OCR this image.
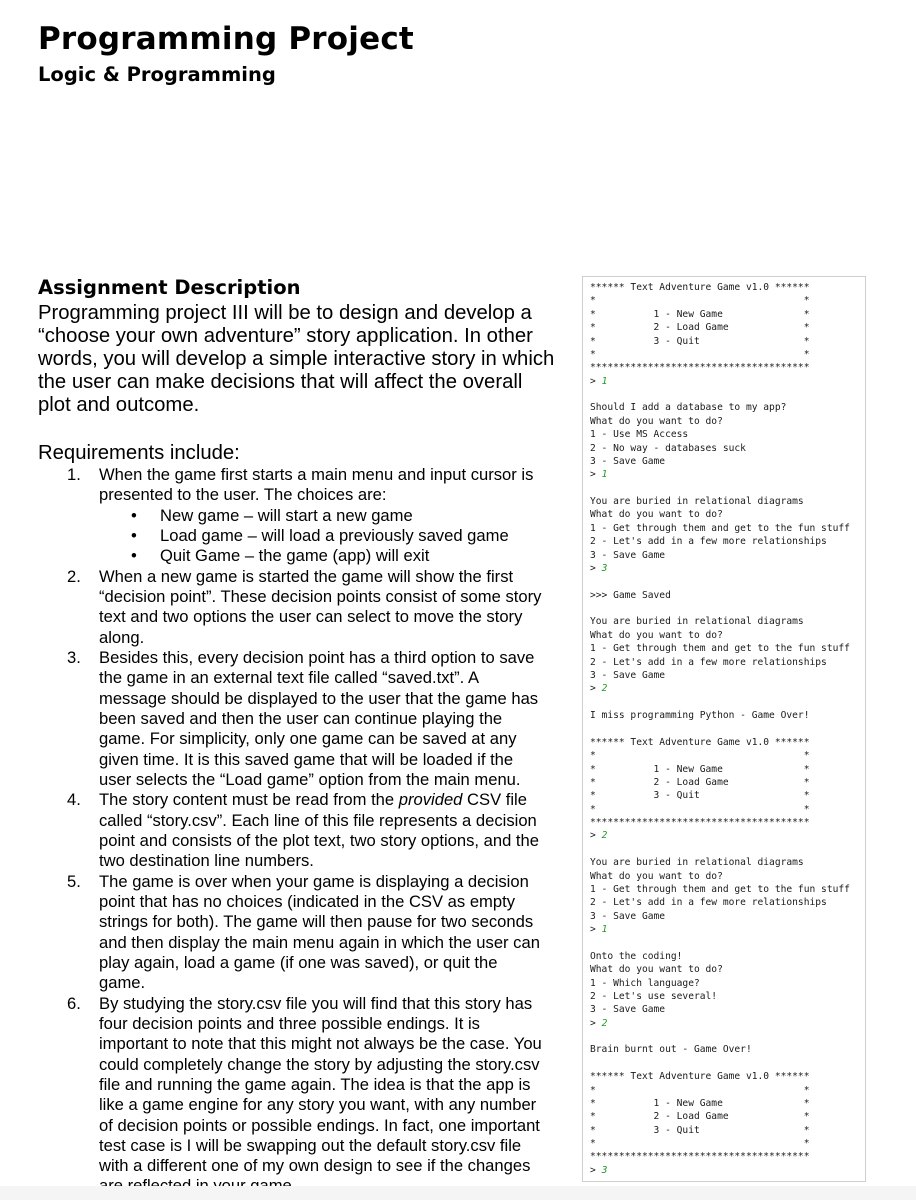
Programming Project
Logic & Programming
Assignment Description

Programming project III will be to design and develop a
“choose your own adventure” story application. In other
words, you will develop a simple interactive story in which
the user can make decisions that will affect the overall
plot and outcome.

Requirements include:

1. When the game first starts a main menu and input cursor is
presented to the user. The choices are:
• New game – will start a new game
• Load game – will load a previously saved game
• Quit Game – the game (app) will exit
2. When a new game is started the game will show the first
“decision point”. These decision points consist of some story
text and two options the user can select to move the story
along.
3. Besides this, every decision point has a third option to save
the game in an external text file called “saved.txt”. A
message should be displayed to the user that the game has
been saved and then the user can continue playing the
game. For simplicity, only one game can be saved at any
given time. It is this saved game that will be loaded if the
user selects the “Load game” option from the main menu.
4. The story content must be read from the provided CSV file
called “story.csv”. Each line of this file represents a decision
point and consists of the plot text, two story options, and the
two destination line numbers.
5. The game is over when your game is displaying a decision
point that has no choices (indicated in the CSV as empty
strings for both). The game will then pause for two seconds
and then display the main menu again in which the user can
play again, load a game (if one was saved), or quit the
game.
6. By studying the story.csv file you will find that this story has
four decision points and three possible endings. It is
important to note that this might not always be the case. You
could completely change the story by adjusting the story.csv
file and running the game again. The idea is that the app is
like a game engine for any story you want, with any number
of decision points or possible endings. In fact, one important
test case is I will be swapping out the default story.csv file
with a different one of my own design to see if the changes
****** Text Adventure Game v1.0 ******
*                                    *
*          1 - New Game              *
*          2 - Load Game             *
*          3 - Quit                  *
*                                    *
**************************************
> 1

Should I add a database to my app?
What do you want to do?
1 - Use MS Access
2 - No way - databases suck
3 - Save Game
> 1

You are buried in relational diagrams
What do you want to do?
1 - Get through them and get to the fun stuff
2 - Let's add in a few more relationships
3 - Save Game
> 3

>>> Game Saved

You are buried in relational diagrams
What do you want to do?
1 - Get through them and get to the fun stuff
2 - Let's add in a few more relationships
3 - Save Game
> 2

I miss programming Python - Game Over!

****** Text Adventure Game v1.0 ******
*                                    *
*          1 - New Game              *
*          2 - Load Game             *
*          3 - Quit                  *
*                                    *
**************************************
> 2

You are buried in relational diagrams
What do you want to do?
1 - Get through them and get to the fun stuff
2 - Let's add in a few more relationships
3 - Save Game
> 1

Onto the coding!
What do you want to do?
1 - Which language?
2 - Let's use several!
3 - Save Game
> 2

Brain burnt out - Game Over!

****** Text Adventure Game v1.0 ******
*                                    *
*          1 - New Game              *
*          2 - Load Game             *
*          3 - Quit                  *
*                                    *
**************************************
> 3
